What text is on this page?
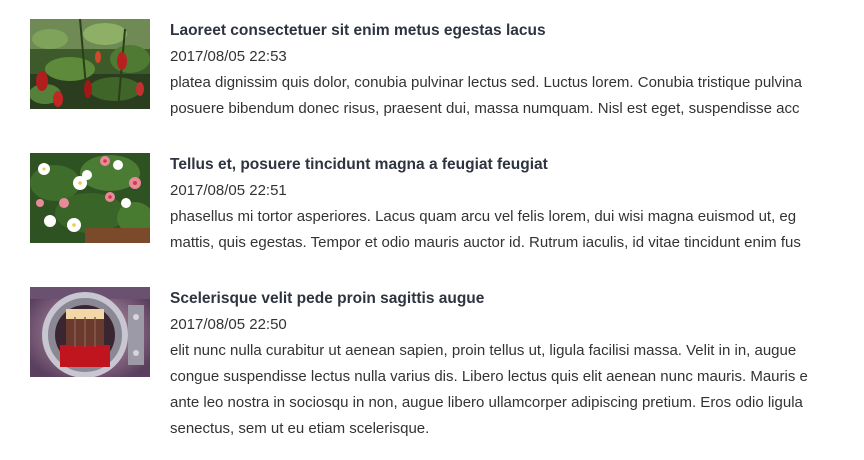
Laoreet consectetuer sit enim metus egestas lacus
2017/08/05 22:53
platea dignissim quis dolor, conubia pulvinar lectus sed. Luctus lorem. Conubia tristique pulvina
posuere bibendum donec risus, praesent dui, massa numquam. Nisl est eget, suspendisse acc
Tellus et, posuere tincidunt magna a feugiat feugiat
2017/08/05 22:51
phasellus mi tortor asperiores. Lacus quam arcu vel felis lorem, dui wisi magna euismod ut, eg
mattis, quis egestas. Tempor et odio mauris auctor id. Rutrum iaculis, id vitae tincidunt enim fus
Scelerisque velit pede proin sagittis augue
2017/08/05 22:50
elit nunc nulla curabitur ut aenean sapien, proin tellus ut, ligula facilisi massa. Velit in in, augue
congue suspendisse lectus nulla varius dis. Libero lectus quis elit aenean nunc mauris. Mauris e
ante leo nostra in sociosqu in non, augue libero ullamcorper adipiscing pretium. Eros odio ligula
senectus, sem ut eu etiam scelerisque.
